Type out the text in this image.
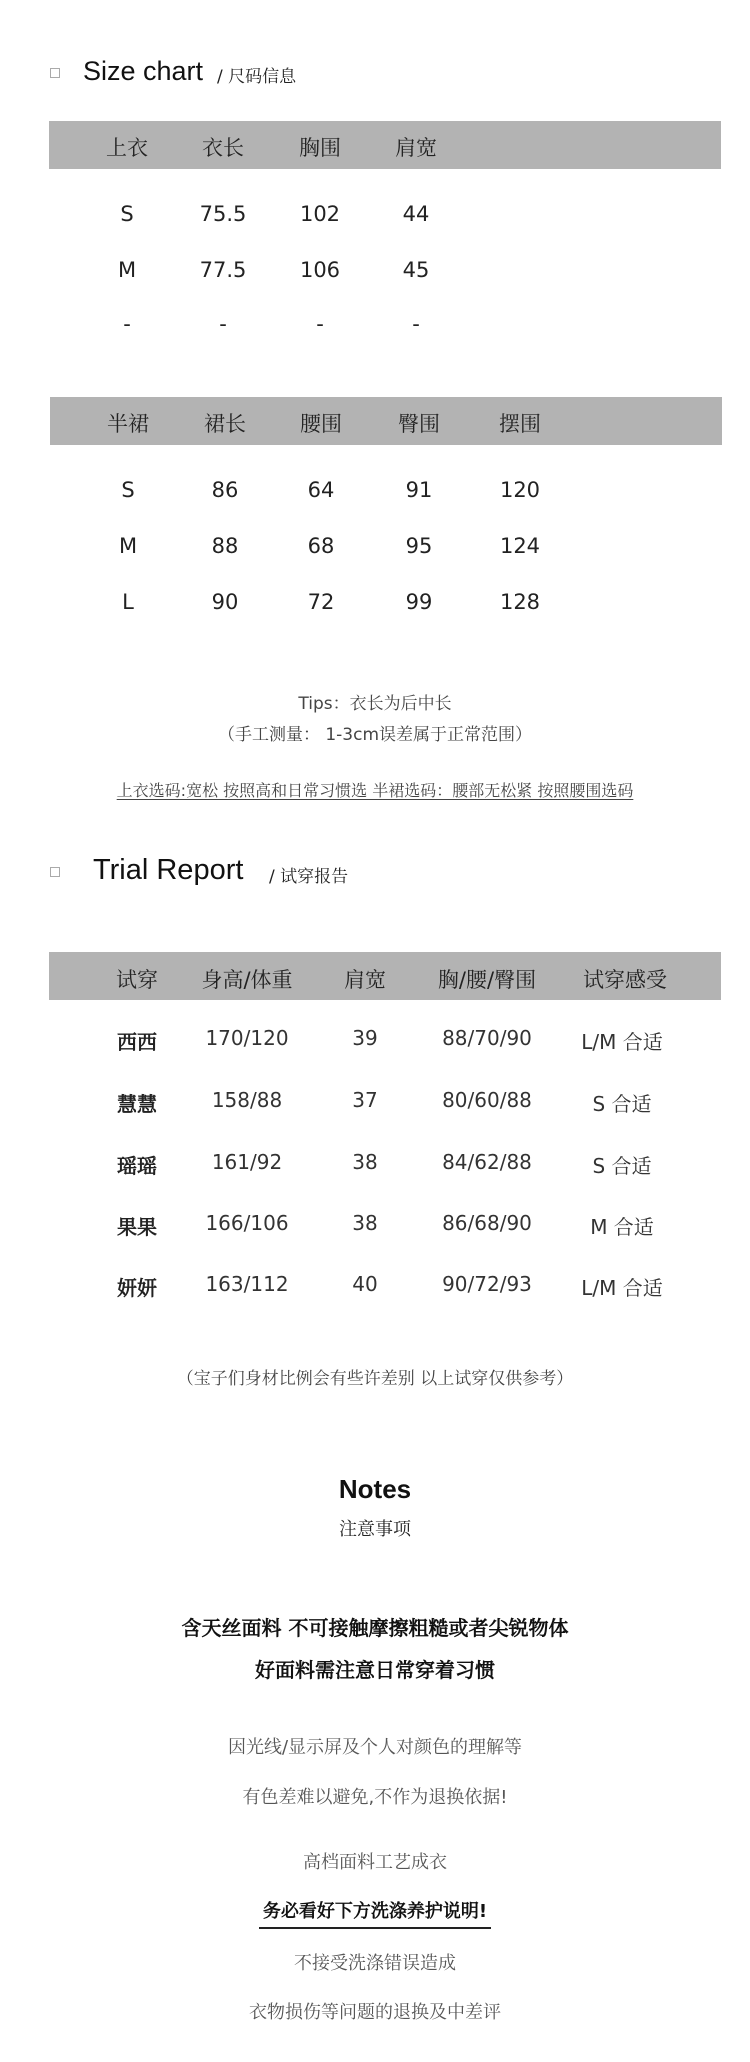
Size chart / 尺码信息
上衣	衣长	胸围	肩宽
S	75.5	102	44
M	77.5	106	45
-	-	-	-
半裙	裙长	腰围	臀围	摆围
S	86	64	91	120
M	88	68	95	124
L	90	72	99	128
Tips：衣长为后中长
（手工测量： 1-3cm误差属于正常范围）
上衣选码:宽松 按照高和日常习惯选 半裙选码：腰部无松紧 按照腰围选码
Trial Report / 试穿报告
试穿 身高/体重 肩宽 胸/腰/臀围 试穿感受
西西 170/120	39	88/70/90 L/M 合适
慧慧	158/88	37	80/60/88	S 合适
瑶瑶	161/92	38	84/62/88	S 合适
果果 166/106	38	86/68/90	M 合适
妍妍 163/112	40	90/72/93 L/M 合适
（宝子们身材比例会有些许差别 以上试穿仅供参考）
Notes
注意事项
含天丝面料 不可接触摩擦粗糙或者尖锐物体
好面料需注意日常穿着习惯
因光线/显示屏及个人对颜色的理解等
有色差难以避免,不作为退换依据!
高档面料工艺成衣
务必看好下方洗涤养护说明!
不接受洗涤错误造成
衣物损伤等问题的退换及中差评
